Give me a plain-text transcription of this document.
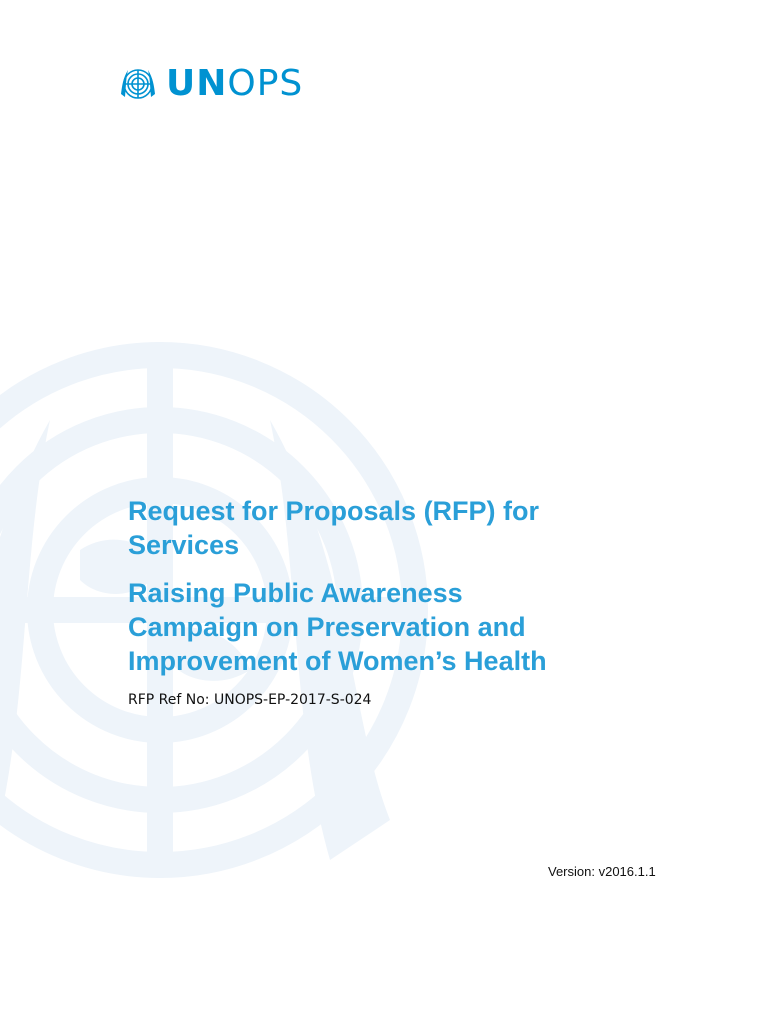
UN OPS

Request for Proposals (RFP) for
Services

Raising Public Awareness
Campaign on Preservation and
Improvement of Women’s Health

RFP Ref No: UNOPS-EP-2017-S-024
Version: v2016.1.1
